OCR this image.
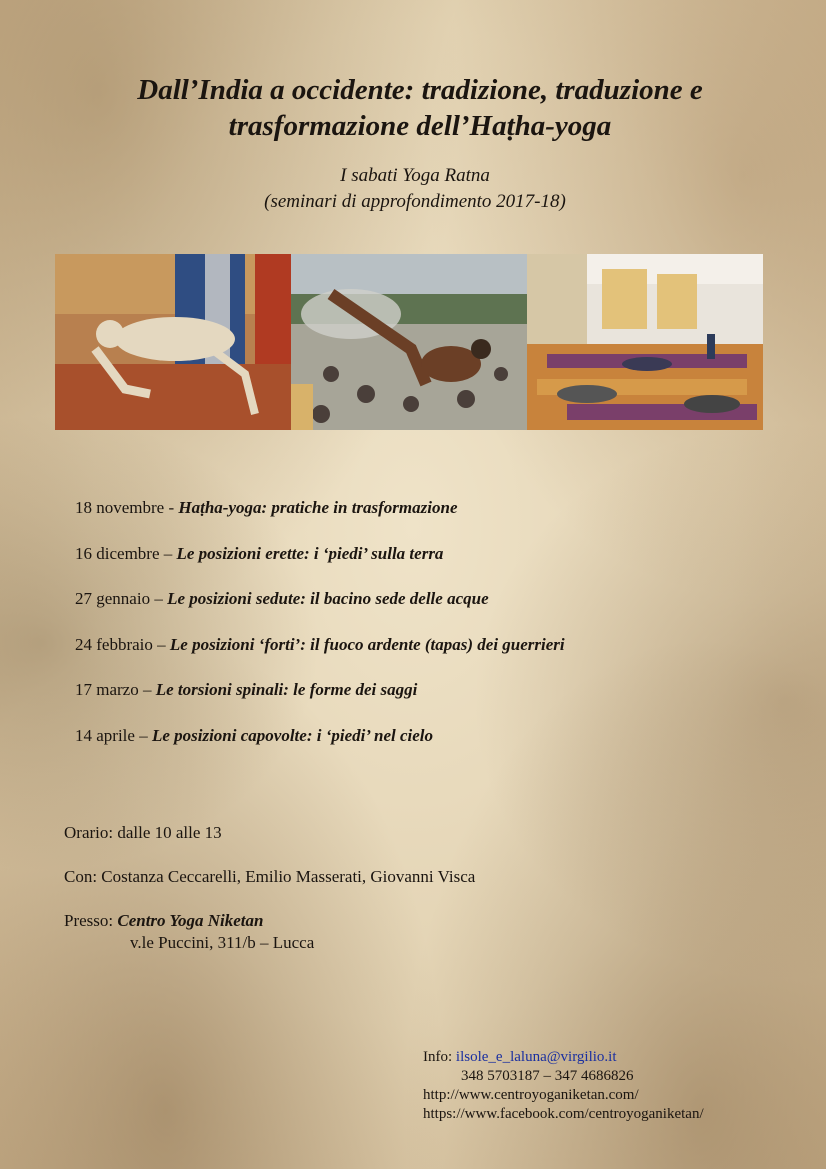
Dall’India a occidente: tradizione, traduzione e
trasformazione dell’Haṭha-yoga
I sabati Yoga Ratna
(seminari di approfondimento 2017-18)
18 novembre - Haṭha-yoga: pratiche in trasformazione
16 dicembre – Le posizioni erette: i ‘piedi’ sulla terra
27 gennaio – Le posizioni sedute: il bacino sede delle acque
24 febbraio – Le posizioni ‘forti’: il fuoco ardente (tapas) dei guerrieri
17 marzo – Le torsioni spinali: le forme dei saggi
14 aprile – Le posizioni capovolte: i ‘piedi’ nel cielo
Orario: dalle 10 alle 13
Con: Costanza Ceccarelli, Emilio Masserati, Giovanni Visca
Presso: Centro Yoga Niketan
v.le Puccini, 311/b – Lucca
Info: ilsole_e_laluna@virgilio.it
348 5703187 – 347 4686826
http://www.centroyoganiketan.com/
https://www.facebook.com/centroyoganiketan/
